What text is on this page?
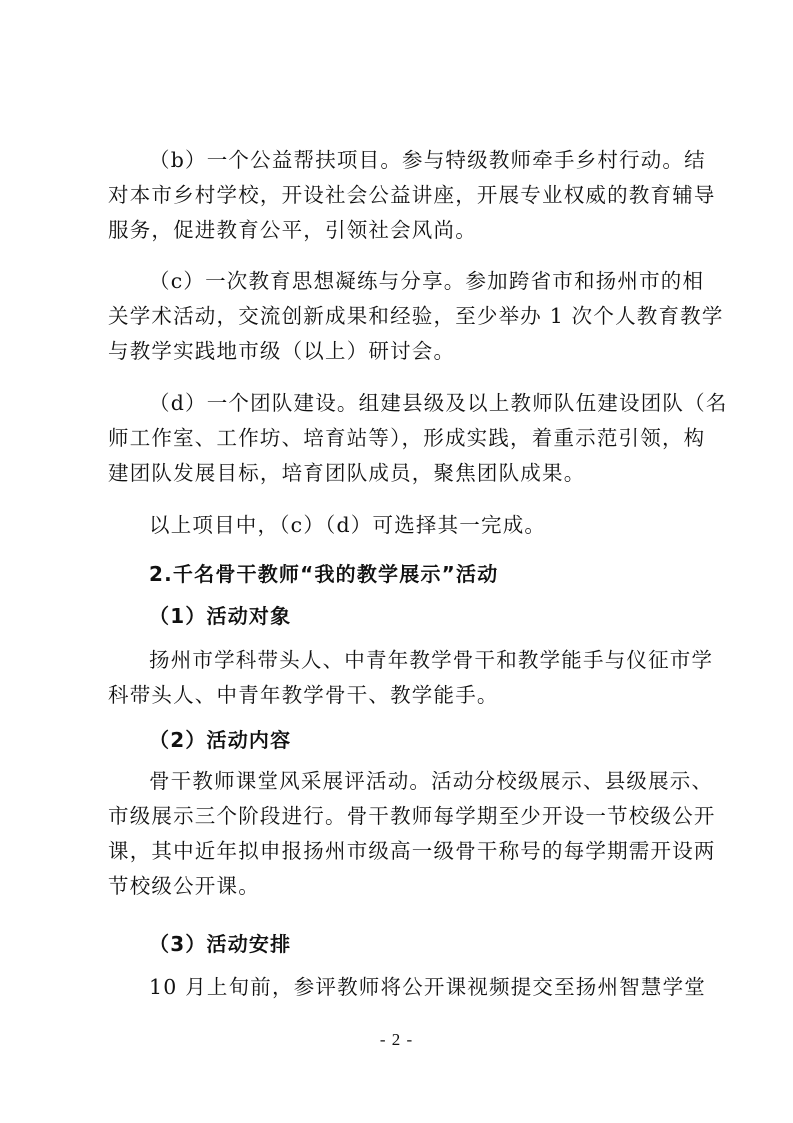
（b）一个公益帮扶项目。参与特级教师牵手乡村行动。结
对本市乡村学校，开设社会公益讲座，开展专业权威的教育辅导
服务，促进教育公平，引领社会风尚。
（c）一次教育思想凝练与分享。参加跨省市和扬州市的相
关学术活动，交流创新成果和经验，至少举办 1 次个人教育教学
与教学实践地市级（以上）研讨会。
（d）一个团队建设。组建县级及以上教师队伍建设团队（名
师工作室、工作坊、培育站等），形成实践，着重示范引领，构
建团队发展目标，培育团队成员，聚焦团队成果。
以上项目中，（c）（d）可选择其一完成。
2.千名骨干教师“我的教学展示”活动
（1）活动对象
扬州市学科带头人、中青年教学骨干和教学能手与仪征市学
科带头人、中青年教学骨干、教学能手。
（2）活动内容
骨干教师课堂风采展评活动。活动分校级展示、县级展示、
市级展示三个阶段进行。骨干教师每学期至少开设一节校级公开
课，其中近年拟申报扬州市级高一级骨干称号的每学期需开设两
节校级公开课。
（3）活动安排
10 月上旬前，参评教师将公开课视频提交至扬州智慧学堂
- 2 -
